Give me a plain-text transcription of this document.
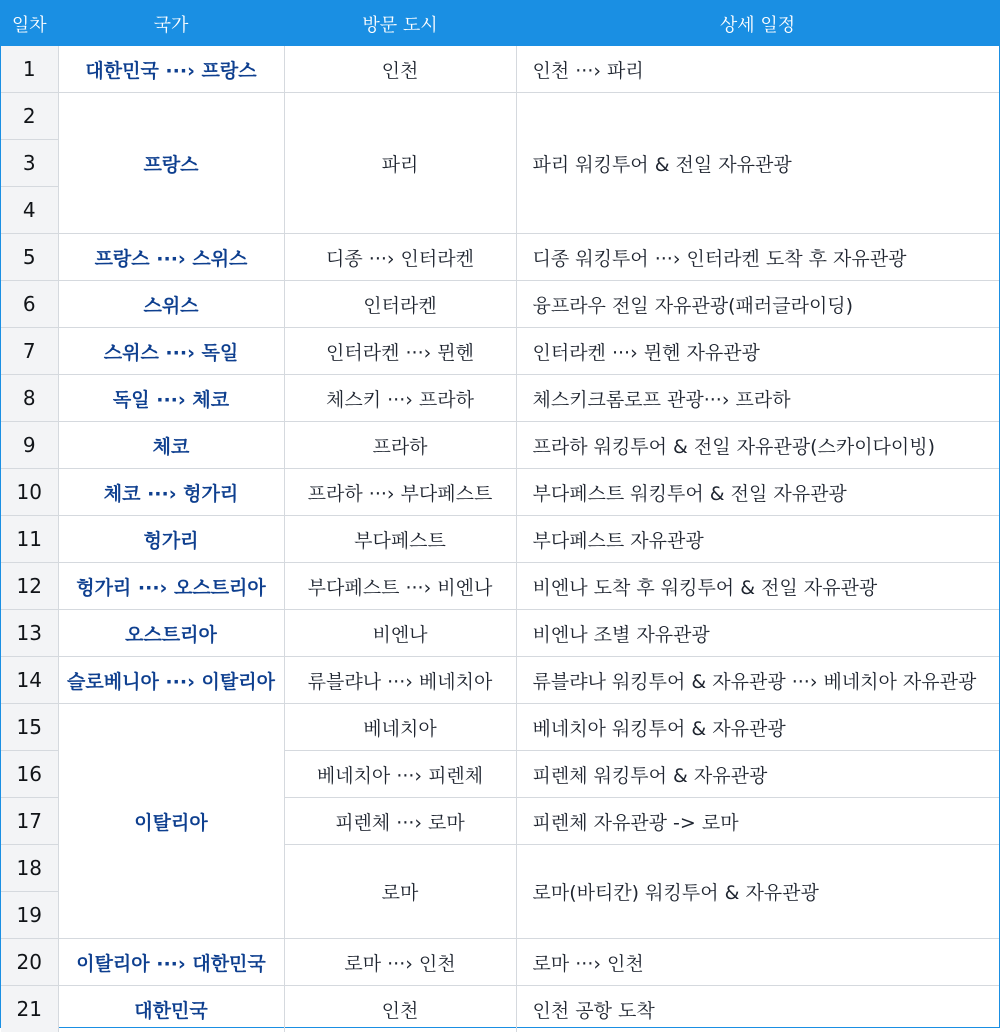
일차	국가	방문 도시	상세 일정
1	대한민국 ···› 프랑스	인천	인천 ···› 파리
2	프랑스	파리	파리 워킹투어 & 전일 자유관광
3			
4			
5	프랑스 ···› 스위스	디종 ···› 인터라켄	디종 워킹투어 ···› 인터라켄 도착 후 자유관광
6	스위스	인터라켄	융프라우 전일 자유관광(패러글라이딩)
7	스위스 ···› 독일	인터라켄 ···› 뮌헨	인터라켄 ···› 뮌헨 자유관광
8	독일 ···› 체코	체스키 ···› 프라하	체스키크롬로프 관광···› 프라하
9	체코	프라하	프라하 워킹투어 & 전일 자유관광(스카이다이빙)
10	체코 ···› 헝가리	프라하 ···› 부다페스트	부다페스트 워킹투어 & 전일 자유관광
11	헝가리	부다페스트	부다페스트 자유관광
12	헝가리 ···› 오스트리아	부다페스트 ···› 비엔나	비엔나 도착 후 워킹투어 & 전일 자유관광
13	오스트리아	비엔나	비엔나 조별 자유관광
14	슬로베니아 ···› 이탈리아	류블랴나 ···› 베네치아	류블랴나 워킹투어 & 자유관광 ···› 베네치아 자유관광
15	이탈리아	베네치아	베네치아 워킹투어 & 자유관광
16		베네치아 ···› 피렌체	피렌체 워킹투어 & 자유관광
17		피렌체 ···› 로마	피렌체 자유관광 -> 로마
18		로마	로마(바티칸) 워킹투어 & 자유관광
19			
20	이탈리아 ···› 대한민국	로마 ···› 인천	로마 ···› 인천
21	대한민국	인천	인천 공항 도착
